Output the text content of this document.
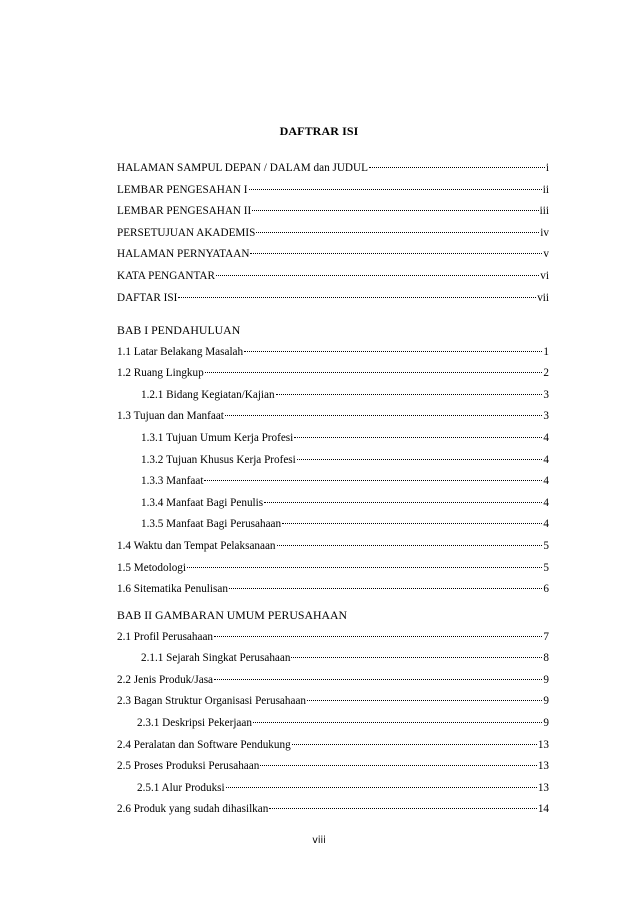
DAFTRAR ISI
HALAMAN SAMPUL DEPAN / DALAM dan JUDUL	i
LEMBAR PENGESAHAN I	ii
LEMBAR PENGESAHAN II	iii
PERSETUJUAN AKADEMIS	iv
HALAMAN PERNYATAAN	v
KATA PENGANTAR	vi
DAFTAR ISI	vii
BAB I PENDAHULUAN
1.1 Latar Belakang Masalah	1
1.2 Ruang Lingkup	2
1.2.1 Bidang Kegiatan/Kajian	3
1.3 Tujuan dan Manfaat	3
1.3.1 Tujuan Umum Kerja Profesi	4
1.3.2 Tujuan Khusus Kerja Profesi	4
1.3.3 Manfaat	4
1.3.4 Manfaat Bagi Penulis	4
1.3.5 Manfaat Bagi Perusahaan	4
1.4 Waktu dan Tempat Pelaksanaan	5
1.5 Metodologi	5
1.6 Sitematika Penulisan	6
BAB II GAMBARAN UMUM PERUSAHAAN
2.1 Profil Perusahaan	7
2.1.1 Sejarah Singkat Perusahaan	8
2.2 Jenis Produk/Jasa	9
2.3 Bagan Struktur Organisasi Perusahaan	9
2.3.1 Deskripsi Pekerjaan	9
2.4 Peralatan dan Software Pendukung	13
2.5 Proses Produksi Perusahaan	13
2.5.1 Alur Produksi	13
2.6 Produk yang sudah dihasilkan	14
viii
